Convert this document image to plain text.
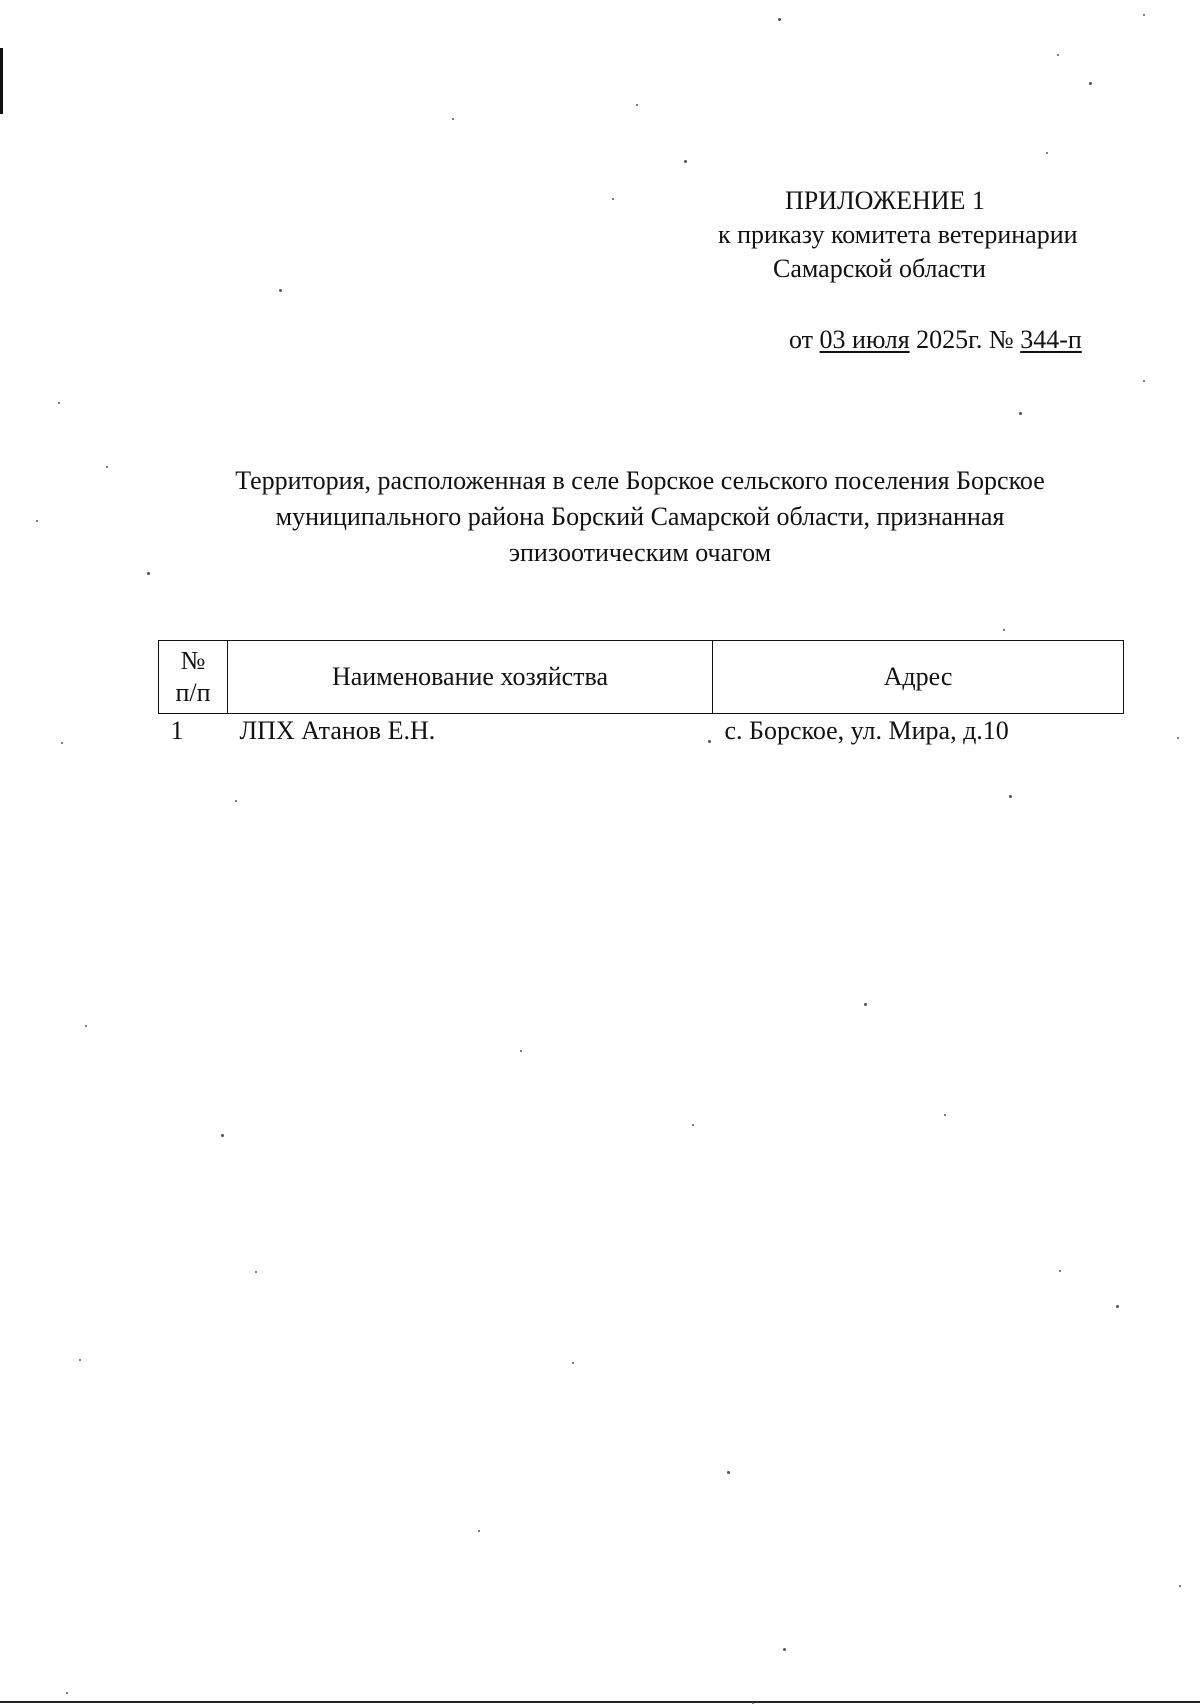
ПРИЛОЖЕНИЕ 1
к приказу комитета ветеринарии
Самарской области
от 03 июля 2025г. № 344-п
Территория, расположенная в селе Борское сельского поселения Борское
муниципального района Борский Самарской области, признанная
эпизоотическим очагом
№
п/п	Наименование хозяйства	Адрес
1	ЛПХ Атанов Е.Н.	с. Борское, ул. Мира, д.10
